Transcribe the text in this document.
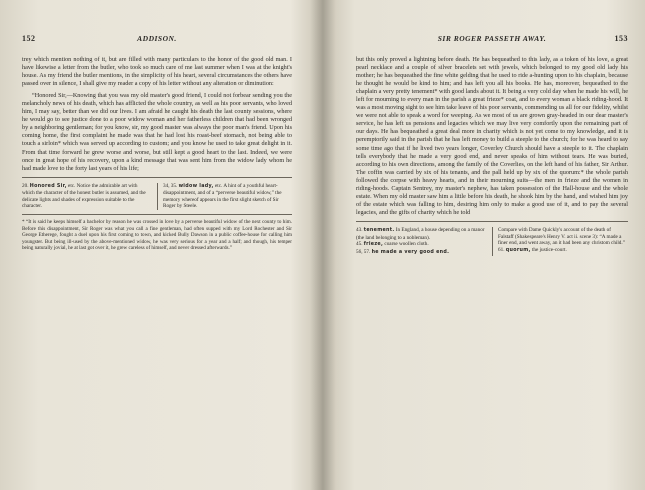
152	ADDISON.

trey which mention nothing of it, but are filled with many particulars to the honor of the good old man. I have likewise a letter from the butler, who took so much care of me last summer when I was at the knight's house. As my friend the butler mentions, in the simplicity of his heart, several circumstances the others have passed over in silence, I shall give my reader a copy of his letter without any alteration or diminution:

“Honored Sir,—Knowing that you was my old master's good friend, I could not forbear sending you the melancholy news of his death, which has afflicted the whole country, as well as his poor servants, who loved him, I may say, better than we did our lives. I am afraid he caught his death the last county sessions, where he would go to see justice done to a poor widow woman and her fatherless children that had been wronged by a neighboring gentleman; for you know, sir, my good master was always the poor man's friend. Upon his coming home, the first complaint he made was that he had lost his roast-beef stomach, not being able to touch a sirloin* which was served up according to custom; and you know he used to take great delight in it. From that time forward he grew worse and worse, but still kept a good heart to the last. Indeed, we were once in great hope of his recovery, upon a kind message that was sent him from the widow lady whom he had made love to the forty last years of his life;

20. Honored Sir, etc. Notice the admirable art with which the character of the honest butler is assumed, and the delicate lights and shades of expression suitable to the character.
34, 35. widow lady, etc. A hint of a youthful heart-disappointment, and of a “perverse beautiful widow,” the memory whereof appears in the first slight sketch of Sir Roger by Steele.
* “It is said he keeps himself a bachelor by reason he was crossed in love by a perverse beautiful widow of the next county to him. Before this disappointment, Sir Roger was what you call a fine gentleman, had often supped with my Lord Rochester and Sir George Etherege, fought a duel upon his first coming to town, and kicked Bully Dawson in a public coffee-house for calling him youngster. But being ill-used by the above-mentioned widow, he was very serious for a year and a half; and though, his temper being naturally jovial, he at last got over it, he grew careless of himself, and never dressed afterwards.”
SIR ROGER PASSETH AWAY.	153

but this only proved a lightning before death. He has bequeathed to this lady, as a token of his love, a great pearl necklace and a couple of silver bracelets set with jewels, which belonged to my good old lady his mother; he has bequeathed the fine white gelding that he used to ride a-hunting upon to his chaplain, because he thought he would be kind to him; and has left you all his books. He has, moreover, bequeathed to the chaplain a very pretty tenement* with good lands about it. It being a very cold day when he made his will, he left for mourning to every man in the parish a great frieze* coat, and to every woman a black riding-hood. It was a most moving sight to see him take leave of his poor servants, commending us all for our fidelity, whilst we were not able to speak a word for weeping. As we most of us are grown gray-headed in our dear master's service, he has left us pensions and legacies which we may live very comfortly upon the remaining part of our days. He has bequeathed a great deal more in charity which is not yet come to my knowledge, and it is peremptorily said in the parish that he has left money to build a steeple to the church; for he was heard to say some time ago that if he lived two years longer, Coverley Church should have a steeple to it. The chaplain tells everybody that he made a very good end, and never speaks of him without tears. He was buried, according to his own directions, among the family of the Coverlies, on the left hand of his father, Sir Arthur. The coffin was carried by six of his tenants, and the pall held up by six of the quorum:* the whole parish followed the corpse with heavy hearts, and in their mourning suits—the men in frieze and the women in riding-hoods. Captain Sentrey, my master's nephew, has taken possession of the Hall-house and the whole estate. When my old master saw him a little before his death, he shook him by the hand, and wished him joy of the estate which was falling to him, desiring him only to make a good use of it, and to pay the several legacies, and the gifts of charity which he told

43. tenement. In England, a house depending on a manor (the land belonging to a nobleman).
45. frieze, coarse woollen cloth.
56, 57. he made a very good end.
Compare with Dame Quickly's account of the death of Falstaff (Shakespeare's Henry V. act ii. scene 3): “A made a finer end, and went away, an it had been any christom child.”
61. quorum, the justice-court.
